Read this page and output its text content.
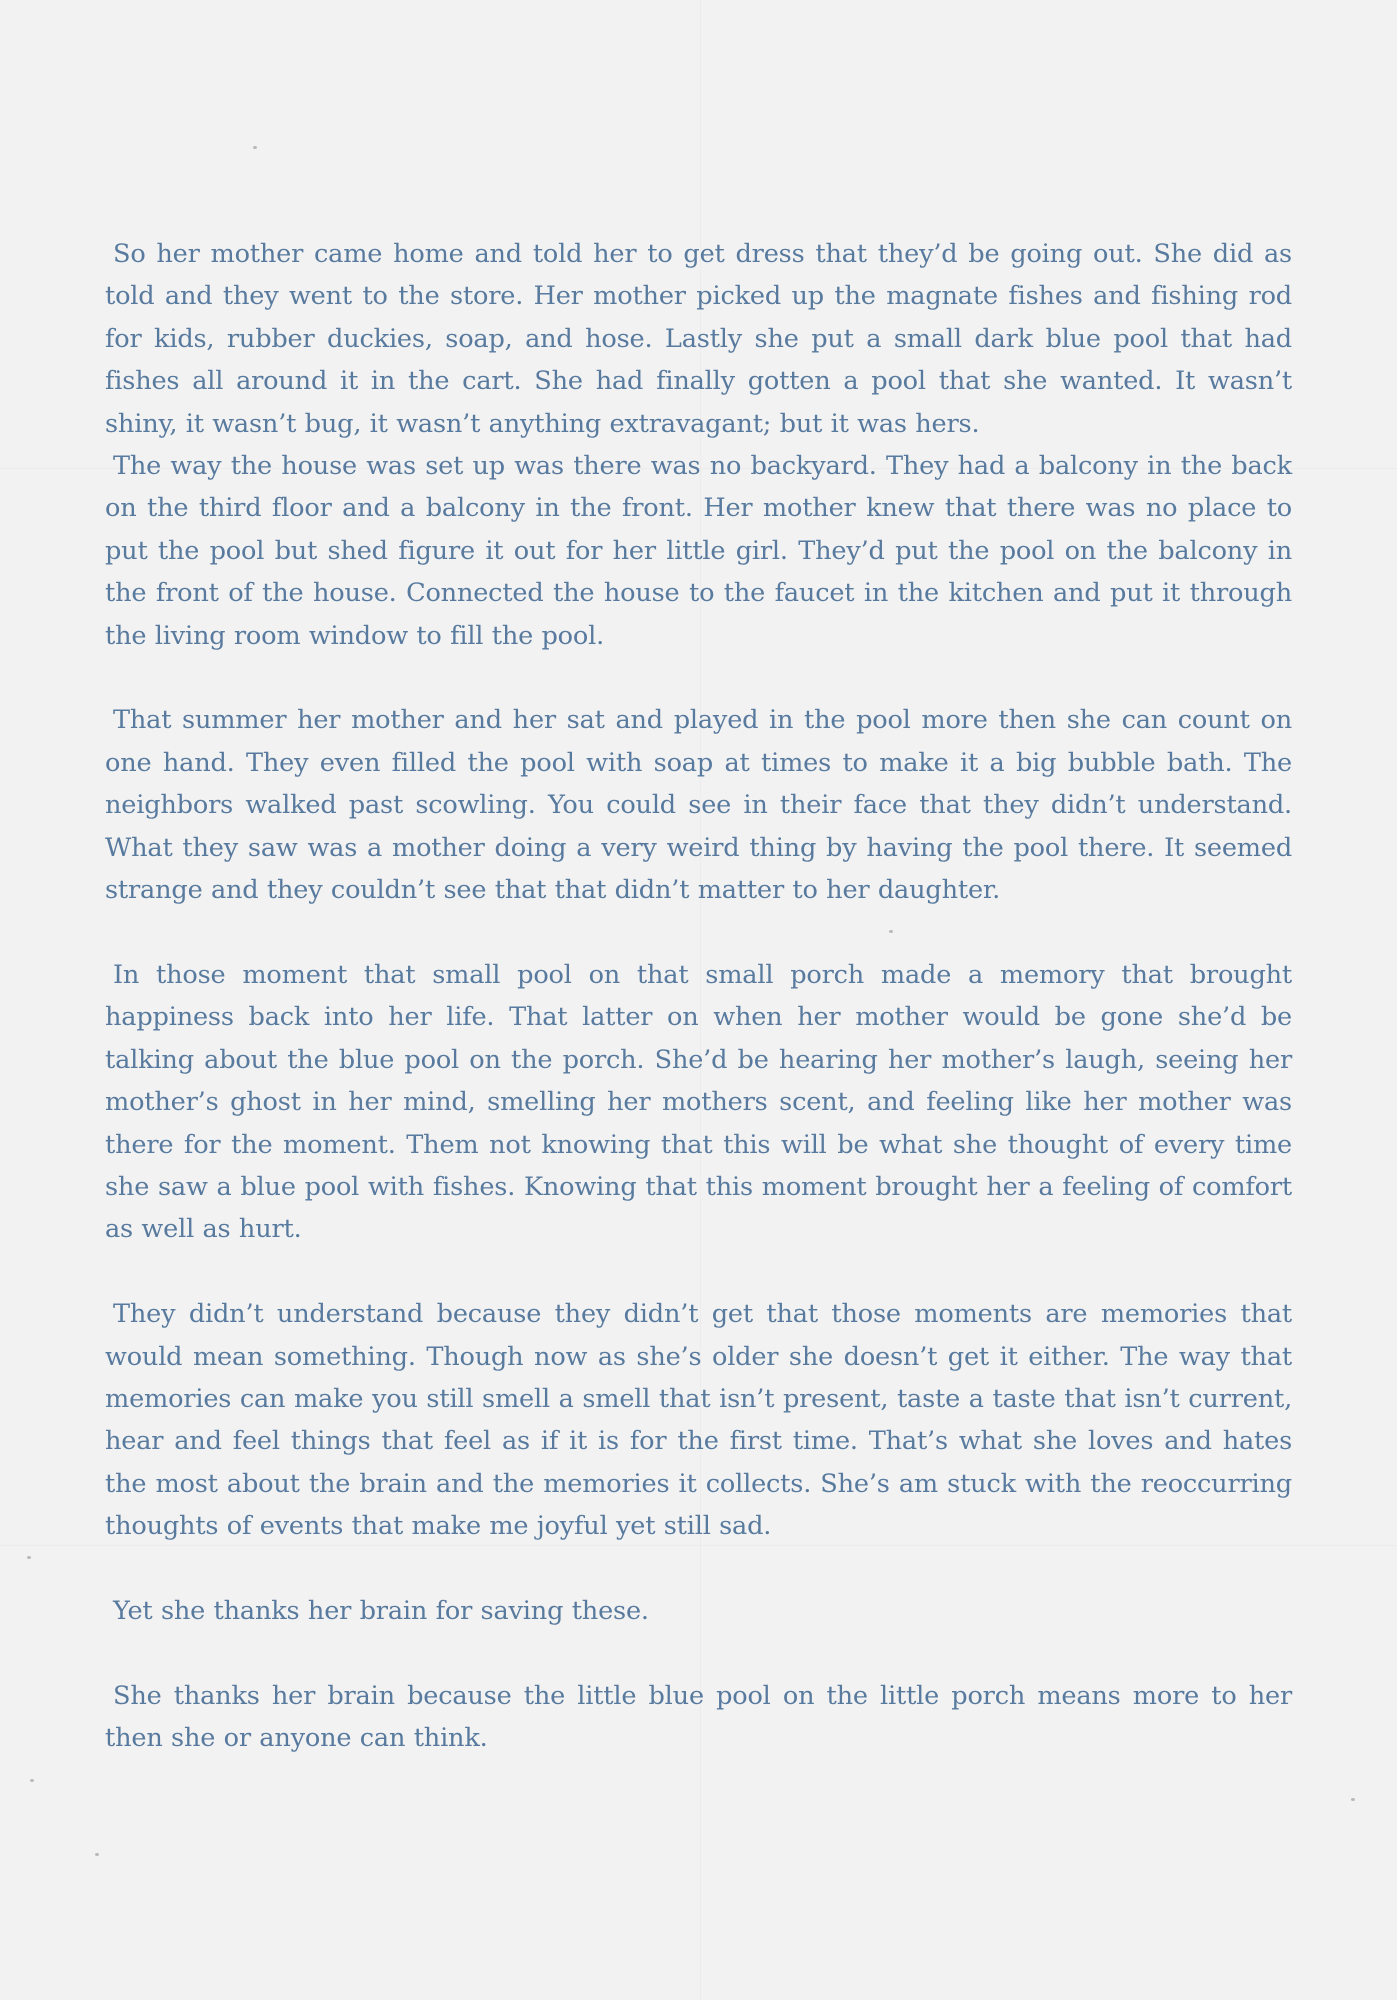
So her mother came home and told her to get dress that they’d be going out. She did as told and they went to the store. Her mother picked up the magnate fishes and fishing rod for kids, rubber duckies, soap, and hose. Lastly she put a small dark blue pool that had fishes all around it in the cart. She had finally gotten a pool that she wanted. It wasn’t shiny, it wasn’t bug, it wasn’t anything extravagant; but it was hers.

The way the house was set up was there was no backyard. They had a balcony in the back on the third floor and a balcony in the front. Her mother knew that there was no place to put the pool but shed figure it out for her little girl. They’d put the pool on the balcony in the front of the house. Connected the house to the faucet in the kitchen and put it through the living room window to fill the pool.

That summer her mother and her sat and played in the pool more then she can count on one hand. They even filled the pool with soap at times to make it a big bubble bath. The neighbors walked past scowling. You could see in their face that they didn’t understand. What they saw was a mother doing a very weird thing by having the pool there. It seemed strange and they couldn’t see that that didn’t matter to her daughter.

In those moment that small pool on that small porch made a memory that brought happiness back into her life. That latter on when her mother would be gone she’d be talking about the blue pool on the porch. She’d be hearing her mother’s laugh, seeing her mother’s ghost in her mind, smelling her mothers scent, and feeling like her mother was there for the moment. Them not knowing that this will be what she thought of every time she saw a blue pool with fishes. Knowing that this moment brought her a feeling of comfort as well as hurt.

They didn’t understand because they didn’t get that those moments are memories that would mean something. Though now as she’s older she doesn’t get it either. The way that memories can make you still smell a smell that isn’t present, taste a taste that isn’t current, hear and feel things that feel as if it is for the first time. That’s what she loves and hates the most about the brain and the memories it collects. She’s am stuck with the reoccurring thoughts of events that make me joyful yet still sad.

Yet she thanks her brain for saving these.

She thanks her brain because the little blue pool on the little porch means more to her then she or anyone can think.
